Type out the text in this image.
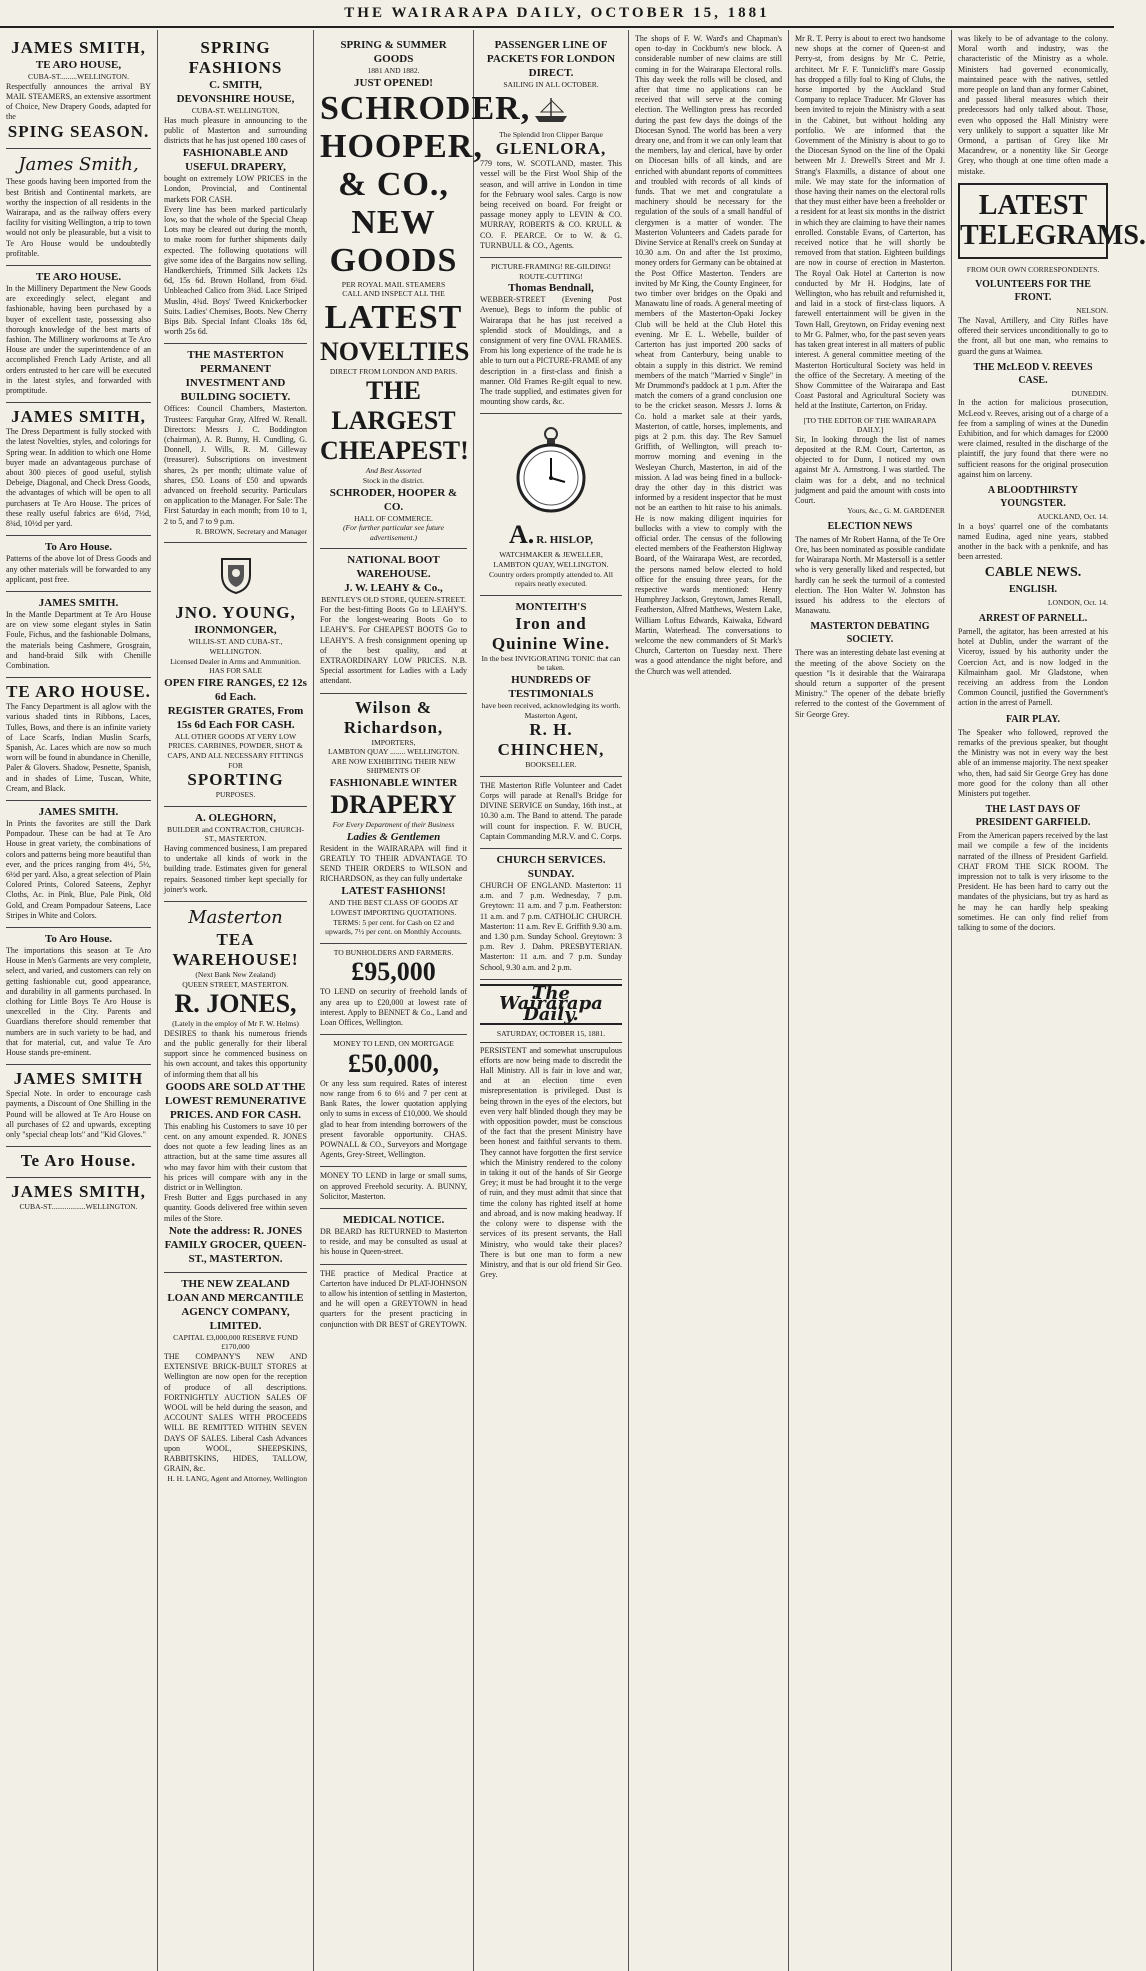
THE WAIRARAPA DAILY, OCTOBER 15, 1881
JAMES SMITH,
TE ARO HOUSE,
CUBA-ST.........WELLINGTON.
Respectfully announces the arrival BY MAIL STEAMERS, an extensive assortment of Choice, New Drapery Goods, adapted for the
SPING SEASON.
James Smith,
These goods having been imported from the best British and Continental markets, are worthy the inspection of all residents in the Wairarapa, and as the railway offers every facility for visiting Wellington, a trip to town would not only be pleasurable, but a visit to Te Aro House would be undoubtedly profitable.
TE ARO HOUSE.
In the Millinery Department the New Goods are exceedingly select, elegant and fashionable, having been purchased by a buyer of excellent taste, possessing also thorough knowledge of the best marts of fashion. The Millinery workrooms at Te Aro House are under the superintendence of an accomplished French Lady Artiste, and all orders entrusted to her care will be executed in the latest styles, and forwarded with promptitude.
JAMES SMITH,
The Dress Department is fully stocked with the latest Novelties, styles, and colorings for Spring wear. In addition to which one Home buyer made an advantageous purchase of about 300 pieces of good useful, stylish Debeige, Diagonal, and Check Dress Goods, the advantages of which will be open to all purchasers at Te Aro House. The prices of these really useful fabrics are 6½d, 7½d, 8¾d, 10½d per yard.
To Aro House.
Patterns of the above lot of Dress Goods and any other materials will be forwarded to any applicant, post free.
JAMES SMITH.
In the Mantle Department at Te Aro House are on view some elegant styles in Satin Foule, Fichus, and the fashionable Dolmans, the materials being Cashmere, Grosgrain, and hand-braid Silk with Chenille Combination.
TE ARO HOUSE.
The Fancy Department is all aglow with the various shaded tints in Ribbons, Laces, Tulles, Bows, and there is an infinite variety of Lace Scarfs, Indian Muslin Scarfs, Spanish, Ac. Laces which are now so much worn will be found in abundance in Chenille, Paler & Glovers. Shadow, Pesnette, Spanish, and in shades of Lime, Tuscan, White, Cream, and Black.
JAMES SMITH.
In Prints the favorites are still the Dark Pompadour. These can be had at Te Aro House in great variety, the combinations of colors and patterns being more beautiful than ever, and the prices ranging from 4½, 5½, 6½d per yard. Also, a great selection of Plain Colored Prints, Colored Sateens, Zephyr Cloths, Ac. in Pink, Blue, Pale Pink, Old Gold, and Cream Pompadour Sateens, Lace Stripes in White and Colors.
To Aro House.
The importations this season at Te Aro House in Men's Garments are very complete, select, and varied, and customers can rely on getting fashionable cut, good appearance, and durability in all garments purchased. In clothing for Little Boys Te Aro House is unexcelled in the City. Parents and Guardians therefore should remember that numbers are in such variety to be had, and that for material, cut, and value Te Aro House stands pre-eminent.
JAMES SMITH
Special Note. In order to encourage cash payments, a Discount of One Shilling in the Pound will be allowed at Te Aro House on all purchases of £2 and upwards, excepting only "special cheap lots" and "Kid Gloves."
Te Aro House.
JAMES SMITH,
CUBA-ST..................WELLINGTON.
SPRING FASHIONS
C. SMITH,
DEVONSHIRE HOUSE,
CUBA-ST. WELLINGTON,
Has much pleasure in announcing to the public of Masterton and surrounding districts that he has just opened 180 cases of
FASHIONABLE AND USEFUL DRAPERY,
bought on extremely LOW PRICES in the London, Provincial, and Continental markets FOR CASH.
Every line has been marked particularly low, so that the whole of the Special Cheap Lots may be cleared out during the month, to make room for further shipments daily expected. The following quotations will give some idea of the Bargains now selling. Handkerchiefs, Trimmed Silk Jackets 12s 6d, 15s 6d. Brown Holland, from 6¾d. Unbleached Calico from 3¼d. Lace Striped Muslin, 4¾d. Boys' Tweed Knickerbocker Suits. Ladies' Chemises, Boots. New Cherry Bips Bib. Special Infant Cloaks 18s 6d, worth 25s 6d.
THE MASTERTON PERMANENT INVESTMENT AND BUILDING SOCIETY.
Offices: Council Chambers, Masterton. Trustees: Farquhar Gray, Alfred W. Renall. Directors: Messrs J. C. Boddington (chairman), A. R. Bunny, H. Cundling, G. Donnell, J. Wills, R. M. Gilleway (treasurer). Subscriptions on investment shares, 2s per month; ultimate value of shares, £50. Loans of £50 and upwards advanced on freehold security. Particulars on application to the Manager. For Sale: The First Saturday in each month; from 10 to 1, 2 to 5, and 7 to 9 p.m.
R. BROWN, Secretary and Manager
JNO. YOUNG,
IRONMONGER,
WILLIS-ST. AND CUBA-ST., WELLINGTON.
Licensed Dealer in Arms and Ammunition. HAS FOR SALE
OPEN FIRE RANGES, £2 12s 6d Each.
REGISTER GRATES, From 15s 6d Each FOR CASH.
ALL OTHER GOODS AT VERY LOW PRICES. CARBINES, POWDER, SHOT & CAPS, AND ALL NECESSARY FITTINGS FOR
SPORTING
PURPOSES.
A. OLEGHORN,
BUILDER and CONTRACTOR, CHURCH-ST., MASTERTON.
Having commenced business, I am prepared to undertake all kinds of work in the building trade. Estimates given for general repairs. Seasoned timber kept specially for joiner's work.
Masterton
TEA WAREHOUSE!
(Next Bank New Zealand)
QUEEN STREET, MASTERTON.
R. JONES,
(Lately in the employ of Mr F. W. Helms)
DESIRES to thank his numerous friends and the public generally for their liberal support since he commenced business on his own account, and takes this opportunity of informing them that all his
GOODS ARE SOLD AT THE LOWEST REMUNERATIVE PRICES. AND FOR CASH.
This enabling his Customers to save 10 per cent. on any amount expended. R. JONES does not quote a few leading lines as an attraction, but at the same time assures all who may favor him with their custom that his prices will compare with any in the district or in Wellington.
Fresh Butter and Eggs purchased in any quantity. Goods delivered free within seven miles of the Store.
Note the address: R. JONES FAMILY GROCER, QUEEN-ST., MASTERTON.
THE NEW ZEALAND LOAN AND MERCANTILE AGENCY COMPANY, LIMITED.
CAPITAL £3,000,000 RESERVE FUND £170,000
THE COMPANY'S NEW AND EXTENSIVE BRICK-BUILT STORES at Wellington are now open for the reception of produce of all descriptions. FORTNIGHTLY AUCTION SALES OF WOOL will be held during the season, and ACCOUNT SALES WITH PROCEEDS WILL BE REMITTED WITHIN SEVEN DAYS OF SALES. Liberal Cash Advances upon WOOL, SHEEPSKINS, RABBITSKINS, HIDES, TALLOW, GRAIN, &c.
H. H. LANG, Agent and Attorney, Wellington
SPRING & SUMMER GOODS
1881 AND 1882.
JUST OPENED!
SCHRODER,
HOOPER,
& CO.,
NEW GOODS
PER ROYAL MAIL STEAMERS
CALL AND INSPECT ALL THE
LATEST
NOVELTIES
DIRECT FROM LONDON AND PARIS.
THE LARGEST
CHEAPEST!
And Best Assorted
Stock in the district.
SCHRODER, HOOPER & CO.
HALL OF COMMERCE.
(For further particular see future advertisement.)
NATIONAL BOOT WAREHOUSE.
J. W. LEAHY & Co.,
BENTLEY'S OLD STORE, QUEEN-STREET.
For the best-fitting Boots Go to LEAHY'S. For the longest-wearing Boots Go to LEAHY'S. For CHEAPEST BOOTS Go to LEAHY'S. A fresh consignment opening up of the best quality, and at EXTRAORDINARY LOW PRICES. N.B. Special assortment for Ladies with a Lady attendant.
Wilson & Richardson,
IMPORTERS,
LAMBTON QUAY ........ WELLINGTON.
ARE NOW EXHIBITING THEIR NEW SHIPMENTS OF
FASHIONABLE WINTER
DRAPERY
For Every Department of their Business
Ladies & Gentlemen
Resident in the WAIRARAPA will find it GREATLY TO THEIR ADVANTAGE TO SEND THEIR ORDERS to WILSON and RICHARDSON, as they can fully undertake
LATEST FASHIONS!
AND THE BEST CLASS OF GOODS AT LOWEST IMPORTING QUOTATIONS.
TERMS: 5 per cent. for Cash on £2 and upwards, 7½ per cent. on Monthly Accounts.
TO BUNHOLDERS AND FARMERS.
£95,000
TO LEND on security of freehold lands of any area up to £20,000 at lowest rate of interest. Apply to BENNET & Co., Land and Loan Offices, Wellington.
MONEY TO LEND, ON MORTGAGE
£50,000,
Or any less sum required. Rates of interest now range from 6 to 6½ and 7 per cent at Bank Rates, the lower quotation applying only to sums in excess of £10,000. We should glad to hear from intending borrowers of the present favorable opportunity. CHAS. POWNALL & CO., Surveyors and Mortgage Agents, Grey-Street, Wellington.
MONEY TO LEND in large or small sums, on approved Freehold security. A. BUNNY, Solicitor, Masterton.
MEDICAL NOTICE.
DR BEARD has RETURNED to Masterton to reside, and may be consulted as usual at his house in Queen-street.
THE practice of Medical Practice at Carterton have induced Dr PLAT-JOHNSON to allow his intention of settling in Masterton, and he will open a GREYTOWN in head quarters for the present practicing in conjunction with DR BEST of GREYTOWN.
PASSENGER LINE OF PACKETS FOR LONDON DIRECT.
SAILING IN ALL OCTOBER.
The Splendid Iron Clipper Barque
GLENLORA,
779 tons, W. SCOTLAND, master. This vessel will be the First Wool Ship of the season, and will arrive in London in time for the February wool sales. Cargo is now being received on board. For freight or passage money apply to LEVIN & CO. MURRAY, ROBERTS & CO. KRULL & CO. F. PEARCE. Or to W. & G. TURNBULL & CO., Agents.
PICTURE-FRAMING! RE-GILDING! ROUTE-CUTTING!
Thomas Bendnall,
WEBBER-STREET (Evening Post Avenue), Begs to inform the public of Wairarapa that he has just received a splendid stock of Mouldings, and a consignment of very fine OVAL FRAMES. From his long experience of the trade he is able to turn out a PICTURE-FRAME of any description in a first-class and finish a manner. Old Frames Re-gilt equal to new. The trade supplied, and estimates given for mounting show cards, &c.
A. R. HISLOP,
WATCHMAKER & JEWELLER, LAMBTON QUAY, WELLINGTON.
Country orders promptly attended to. All repairs neatly executed.
MONTEITH'S
Iron and Quinine Wine.
In the best INVIGORATING TONIC that can be taken.
HUNDREDS OF TESTIMONIALS
have been received, acknowledging its worth. Masterton Agent,
R. H. CHINCHEN,
BOOKSELLER.
THE Masterton Rifle Volunteer and Cadet Corps will parade at Renall's Bridge for DIVINE SERVICE on Sunday, 16th inst., at 10.30 a.m. The Band to attend. The parade will count for inspection. F. W. BUCH, Captain Commanding M.R.V. and C. Corps.
CHURCH SERVICES. SUNDAY.
CHURCH OF ENGLAND. Masterton: 11 a.m. and 7 p.m. Wednesday, 7 p.m. Greytown: 11 a.m. and 7 p.m. Featherston: 11 a.m. and 7 p.m. CATHOLIC CHURCH. Masterton: 11 a.m. Rev E. Griffith 9.30 a.m. and 1.30 p.m. Sunday School. Greytown: 3 p.m. Rev J. Dahm. PRESBYTERIAN. Masterton: 11 a.m. and 7 p.m. Sunday School, 9.30 a.m. and 2 p.m.
The Wairarapa Daily.
SATURDAY, OCTOBER 15, 1881.
PERSISTENT and somewhat unscrupulous efforts are now being made to discredit the Hall Ministry. All is fair in love and war, and at an election time even misrepresentation is privileged. Dust is being thrown in the eyes of the electors, but even very half blinded though they may be with opposition powder, must be conscious of the fact that the present Ministry have been honest and faithful servants to them. They cannot have forgotten the first service which the Ministry rendered to the colony in taking it out of the hands of Sir George Grey; it must be had brought it to the verge of ruin, and they must admit that since that time the colony has righted itself at home and abroad, and is now making headway. If the colony were to dispense with the services of its present servants, the Hall Ministry, who would take their places? There is but one man to form a new Ministry, and that is our old friend Sir Geo. Grey.
The shops of F. W. Ward's and Chapman's open to-day in Cockburn's new block. A considerable number of new claims are still coming in for the Wairarapa Electoral rolls. This day week the rolls will be closed, and after that time no applications can be received that will serve at the coming election. The Wellington press has recorded during the past few days the doings of the Diocesan Synod. The world has been a very dreary one, and from it we can only learn that the members, lay and clerical, have by order on Diocesan bills of all kinds, and are enriched with abundant reports of committees and troubled with records of all kinds of funds. That we met and congratulate a machinery should be necessary for the regulation of the souls of a small handful of clergymen is a matter of wonder. The Masterton Volunteers and Cadets parade for Divine Service at Renall's creek on Sunday at 10.30 a.m. On and after the 1st proximo, money orders for Germany can be obtained at the Post Office Masterton. Tenders are invited by Mr King, the County Engineer, for two timber over bridges on the Opaki and Manawatu line of roads. A general meeting of members of the Masterton-Opaki Jockey Club will be held at the Club Hotel this evening. Mr E. L. Webelle, builder of Carterton has just imported 200 sacks of wheat from Canterbury, being unable to obtain a supply in this district. We remind members of the match "Married v Single" in Mr Drummond's paddock at 1 p.m. After the match the comers of a grand conclusion one to be the cricket season. Messrs J. Iorns & Co. hold a market sale at their yards, Masterton, of cattle, horses, implements, and pigs at 2 p.m. this day. The Rev Samuel Griffith, of Wellington, will preach to-morrow morning and evening in the Wesleyan Church, Masterton, in aid of the mission. A lad was being fined in a bullock-dray the other day in this district was informed by a resident inspector that he must not be an earthen to hit raise to his animals. He is now making diligent inquiries for bullocks with a view to comply with the official order. The census of the following elected members of the Featherston Highway Board, of the Wairarapa West, are recorded, the persons named below elected to hold office for the ensuing three years, for the respective wards mentioned: Henry Humphrey Jackson, Greytown, James Renall, Featherston, Alfred Matthews, Western Lake, William Loftus Edwards, Kaiwaka, Edward Martin, Waterhead. The conversations to welcome the new commanders of St Mark's Church, Carterton on Tuesday next. There was a good attendance the night before, and the Church was well attended.
Mr R. T. Perry is about to erect two handsome new shops at the corner of Queen-st and Perry-st, from designs by Mr C. Petrie, architect. Mr F. F. Tunnicliff's mare Gossip has dropped a filly foal to King of Clubs, the horse imported by the Auckland Stud Company to replace Traducer. Mr Glover has been invited to rejoin the Ministry with a seat in the Cabinet, but without holding any portfolio. We are informed that the Government of the Ministry is about to go to the Diocesan Synod on the line of the Opaki between Mr J. Drewell's Street and Mr J. Strang's Flaxmills, a distance of about one mile. We may state for the information of those having their names on the electoral rolls that they must either have been a freeholder or a resident for at least six months in the district in which they are claiming to have their names enrolled. Constable Evans, of Carterton, has received notice that he will shortly be removed from that station. Eighteen buildings are now in course of erection in Masterton. The Royal Oak Hotel at Carterton is now conducted by Mr H. Hodgins, late of Wellington, who has rebuilt and refurnished it, and laid in a stock of first-class liquors. A farewell entertainment will be given in the Town Hall, Greytown, on Friday evening next to Mr G. Palmer, who, for the past seven years has taken great interest in all matters of public interest. A general committee meeting of the Masterton Horticultural Society was held in the office of the Secretary. A meeting of the Show Committee of the Wairarapa and East Coast Pastoral and Agricultural Society was held at the Institute, Carterton, on Friday.
[TO THE EDITOR OF THE WAIRARAPA DAILY.]
Sir, In looking through the list of names deposited at the R.M. Court, Carterton, as objected to for Dunn, I noticed my own against Mr A. Armstrong. I was startled. The claim was for a debt, and no technical judgment and paid the amount with costs into Court.
Yours, &c., G. M. GARDENER
ELECTION NEWS
The names of Mr Robert Hanna, of the Te Ore Ore, has been nominated as possible candidate for Wairarapa North. Mr Mastersoll is a settler who is very generally liked and respected, but hardly can he seek the turmoil of a contested election. The Hon Walter W. Johnston has issued his address to the electors of Manawatu.
MASTERTON DEBATING SOCIETY.
There was an interesting debate last evening at the meeting of the above Society on the question "Is it desirable that the Wairarapa should return a supporter of the present Ministry." The opener of the debate briefly referred to the contest of the Government of Sir George Grey.
was likely to be of advantage to the colony. Moral worth and industry, was the characteristic of the Ministry as a whole. Ministers had governed economically, maintained peace with the natives, settled more people on land than any former Cabinet, and passed liberal measures which their predecessors had only talked about. Those, even who opposed the Hall Ministry were very unlikely to support a squatter like Mr Ormond, a partisan of Grey like Mr Macandrew, or a nonentity like Sir George Grey, who though at one time often made a mistake.
LATEST TELEGRAMS.
FROM OUR OWN CORRESPONDENTS.
VOLUNTEERS FOR THE FRONT.
NELSON.
The Naval, Artillery, and City Rifles have offered their services unconditionally to go to the front, all but one man, who remains to guard the guns at Waimea.
THE McLEOD V. REEVES CASE.
DUNEDIN.
In the action for malicious prosecution, McLeod v. Reeves, arising out of a charge of a fee from a sampling of wines at the Dunedin Exhibition, and for which damages for £2000 were claimed, resulted in the discharge of the plaintiff, the jury found that there were no sufficient reasons for the original prosecution against him on larceny.
A BLOODTHIRSTY YOUNGSTER.
AUCKLAND, Oct. 14.
In a boys' quarrel one of the combatants named Eudina, aged nine years, stabbed another in the back with a penknife, and has been arrested.
CABLE NEWS.
ENGLISH.
LONDON, Oct. 14.
ARREST OF PARNELL.
Parnell, the agitator, has been arrested at his hotel at Dublin, under the warrant of the Viceroy, issued by his authority under the Coercion Act, and is now lodged in the Kilmainham gaol. Mr Gladstone, when receiving an address from the London Common Council, justified the Government's action in the arrest of Parnell.
FAIR PLAY.
The Speaker who followed, reproved the remarks of the previous speaker, but thought the Ministry was not in every way the best able of an immense majority. The next speaker who, then, had said Sir George Grey has done more good for the colony than all other Ministers put together.
THE LAST DAYS OF PRESIDENT GARFIELD.
From the American papers received by the last mail we compile a few of the incidents narrated of the illness of President Garfield. CHAT FROM THE SICK ROOM. The impression not to talk is very irksome to the President. He has been hard to carry out the mandates of the physicians, but try as hard as he may he can hardly help speaking sometimes. He can only find relief from talking to some of the doctors.
